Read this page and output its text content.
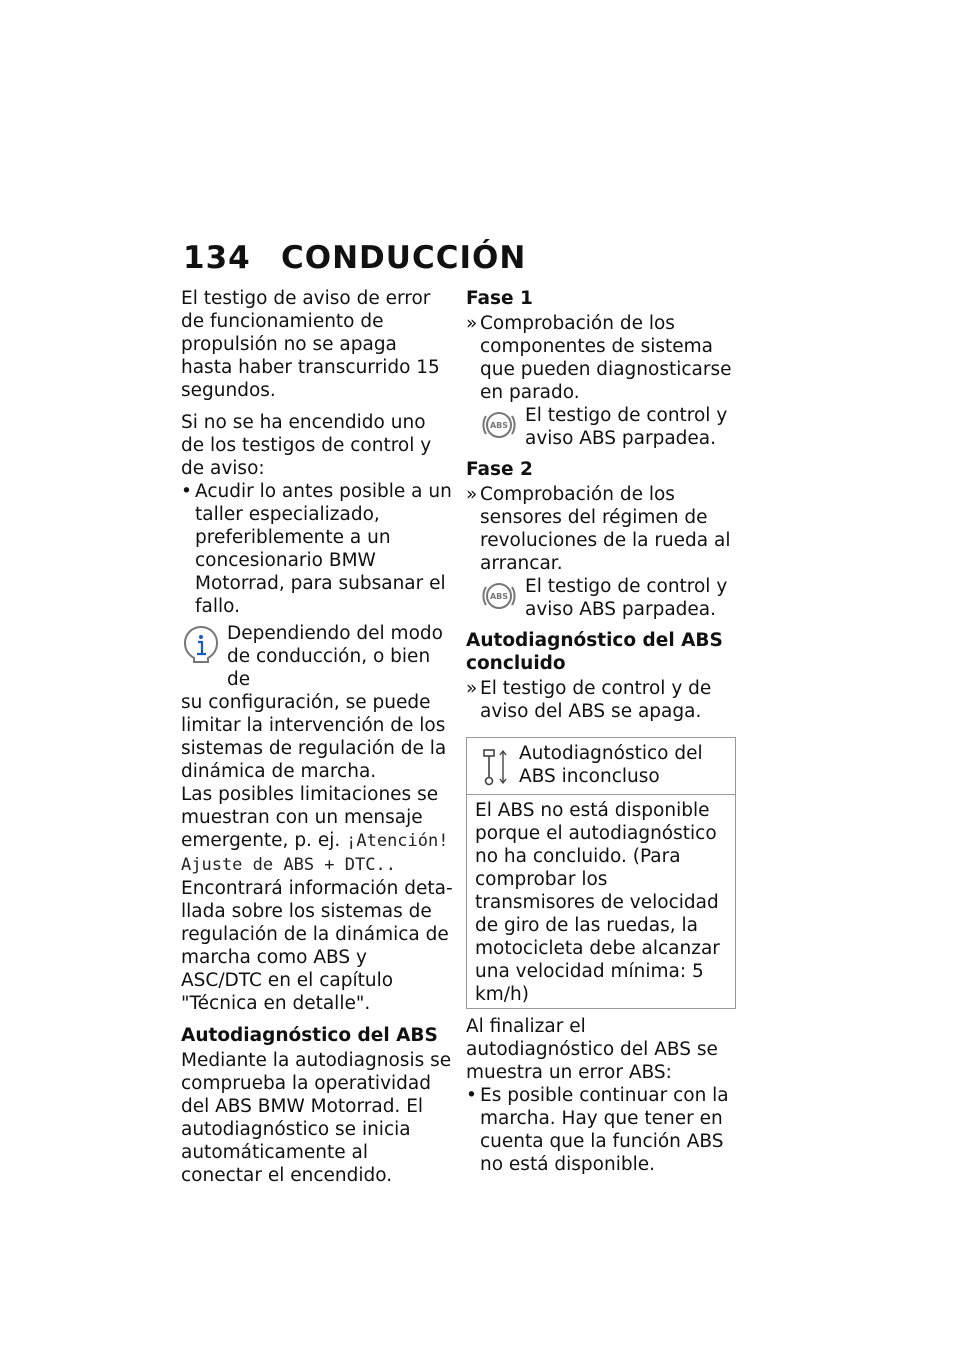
134 CONDUCCIÓN

El testigo de aviso de error de funcionamiento de propulsión no se apaga hasta haber transcurrido 15 segundos.

Si no se ha encendido uno de los testigos de control y de aviso:

• Acudir lo antes posible a un taller especializado, preferiblemente a un concesionario BMW Motorrad, para subsanar el fallo.

Dependiendo del modo de conducción, o bien de

su configuración, se puede limitar la intervención de los sistemas de regulación de la dinámica de marcha.

Las posibles limitaciones se muestran con un mensaje emergente, p. ej. ¡Atención! Ajuste de ABS + DTC..

Encontrará información detallada sobre los sistemas de regulación de la dinámica de marcha como ABS y ASC/DTC en el capítulo "Técnica en detalle".

Autodiagnóstico del ABS

Mediante la autodiagnosis se comprueba la operatividad del ABS BMW Motorrad. El autodiagnóstico se inicia automáticamente al conectar el encendido.

Fase 1

» Comprobación de los componentes de sistema que pueden diagnosticarse en parado.

ABS El testigo de control y aviso ABS parpadea.

Fase 2

» Comprobación de los sensores del régimen de revoluciones de la rueda al arrancar.

ABS El testigo de control y aviso ABS parpadea.

Autodiagnóstico del ABS concluido

» El testigo de control y de aviso del ABS se apaga.

Autodiagnóstico del ABS inconcluso
El ABS no está disponible porque el autodiagnóstico no ha concluido. (Para comprobar los transmisores de velocidad de giro de las ruedas, la motocicleta debe alcanzar una velocidad mínima: 5 km/h)

Al finalizar el autodiagnóstico del ABS se muestra un error ABS:

• Es posible continuar con la marcha. Hay que tener en cuenta que la función ABS no está disponible.
